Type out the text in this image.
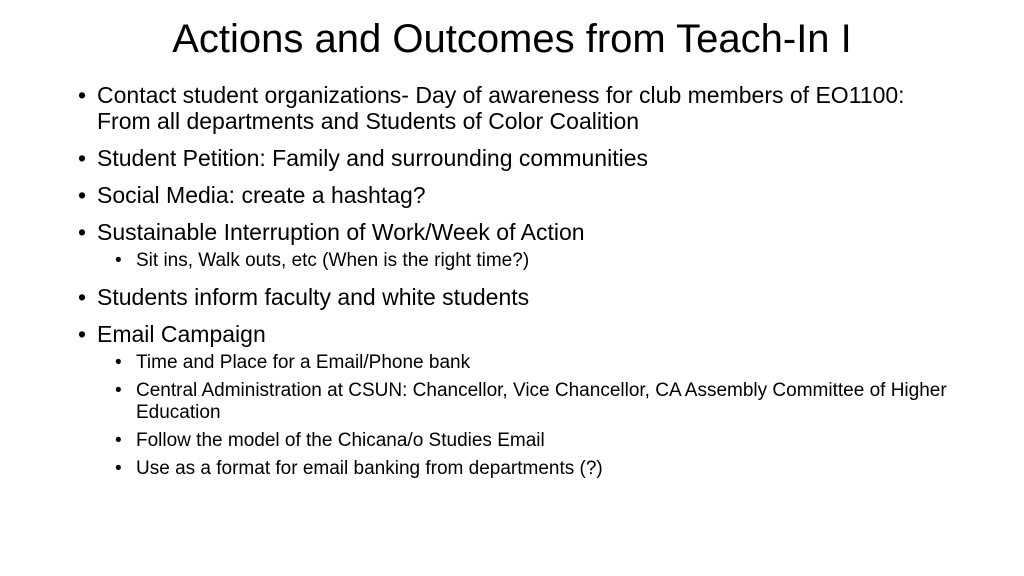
Actions and Outcomes from Teach-In I
• Contact student organizations- Day of awareness for club members of EO1100: From all departments and Students of Color Coalition
• Student Petition: Family and surrounding communities
• Social Media: create a hashtag?
• Sustainable Interruption of Work/Week of Action
• Sit ins, Walk outs, etc (When is the right time?)
• Students inform faculty and white students
• Email Campaign
• Time and Place for a Email/Phone bank
• Central Administration at CSUN: Chancellor, Vice Chancellor, CA Assembly Committee of Higher Education
• Follow the model of the Chicana/o Studies Email
• Use as a format for email banking from departments (?)
